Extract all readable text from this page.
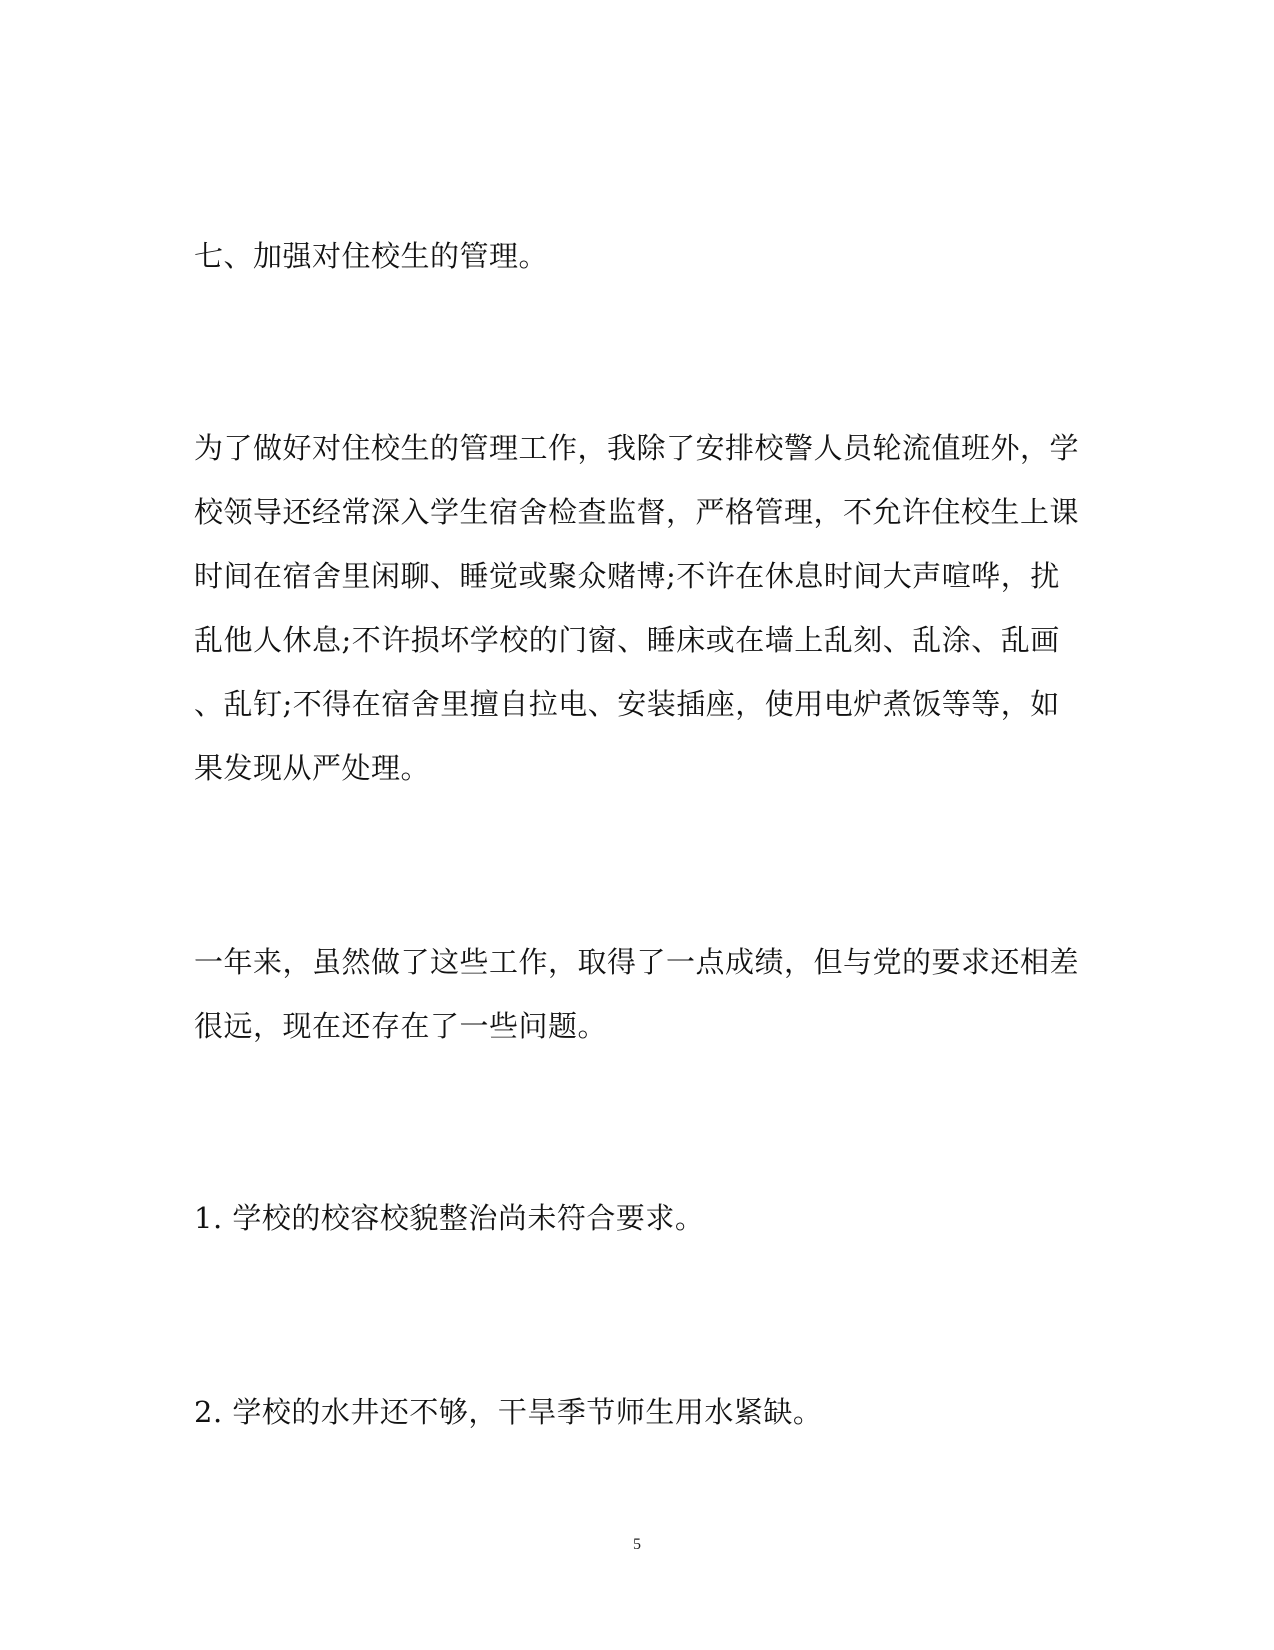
七、加强对住校生的管理。

为了做好对住校生的管理工作，我除了安排校警人员轮流值班外，学
校领导还经常深入学生宿舍检查监督，严格管理，不允许住校生上课
时间在宿舍里闲聊、睡觉或聚众赌博;不许在休息时间大声喧哗，扰
乱他人休息;不许损坏学校的门窗、睡床或在墙上乱刻、乱涂、乱画
、乱钉;不得在宿舍里擅自拉电、安装插座，使用电炉煮饭等等，如
果发现从严处理。

一年来，虽然做了这些工作，取得了一点成绩，但与党的要求还相差
很远，现在还存在了一些问题。

1. 学校的校容校貌整治尚未符合要求。

2. 学校的水井还不够，干旱季节师生用水紧缺。

5
